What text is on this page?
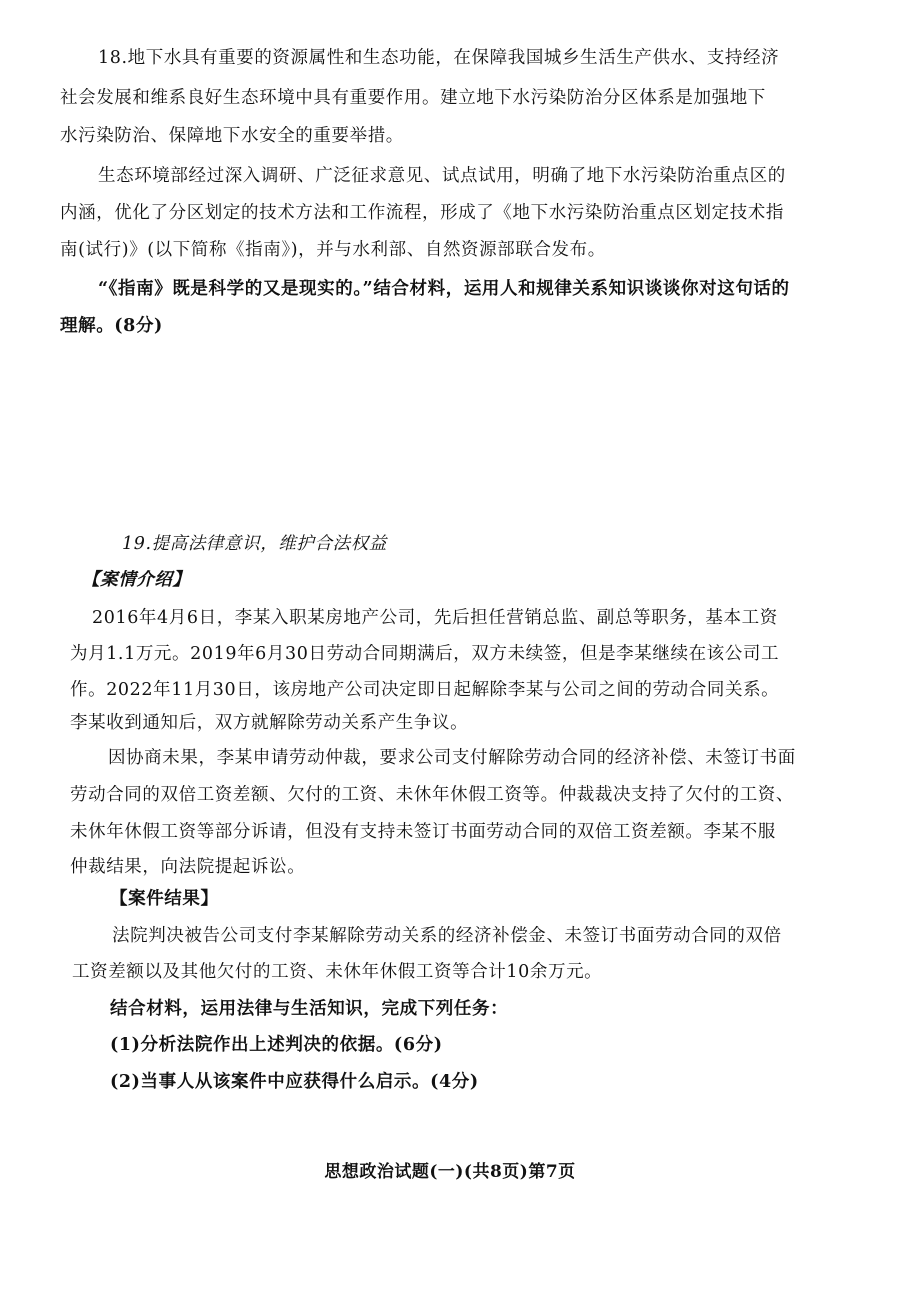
18.地下水具有重要的资源属性和生态功能，在保障我国城乡生活生产供水、支持经济

社会发展和维系良好生态环境中具有重要作用。建立地下水污染防治分区体系是加强地下

水污染防治、保障地下水安全的重要举措。

生态环境部经过深入调研、广泛征求意见、试点试用，明确了地下水污染防治重点区的

内涵，优化了分区划定的技术方法和工作流程，形成了《地下水污染防治重点区划定技术指

南(试行)》(以下简称《指南》)，并与水利部、自然资源部联合发布。

“《指南》既是科学的又是现实的。”结合材料，运用人和规律关系知识谈谈你对这句话的

理解。(8分)

19.提高法律意识，维护合法权益

【案情介绍】

2016年4月6日，李某入职某房地产公司，先后担任营销总监、副总等职务，基本工资

为月1.1万元。2019年6月30日劳动合同期满后，双方未续签，但是李某继续在该公司工

作。2022年11月30日，该房地产公司决定即日起解除李某与公司之间的劳动合同关系。

李某收到通知后，双方就解除劳动关系产生争议。

因协商未果，李某申请劳动仲裁，要求公司支付解除劳动合同的经济补偿、未签订书面

劳动合同的双倍工资差额、欠付的工资、未休年休假工资等。仲裁裁决支持了欠付的工资、

未休年休假工资等部分诉请，但没有支持未签订书面劳动合同的双倍工资差额。李某不服

仲裁结果，向法院提起诉讼。

【案件结果】

法院判决被告公司支付李某解除劳动关系的经济补偿金、未签订书面劳动合同的双倍

工资差额以及其他欠付的工资、未休年休假工资等合计10余万元。

结合材料，运用法律与生活知识，完成下列任务：

(1)分析法院作出上述判决的依据。(6分)

(2)当事人从该案件中应获得什么启示。(4分)

思想政治试题(一)(共8页)第7页
